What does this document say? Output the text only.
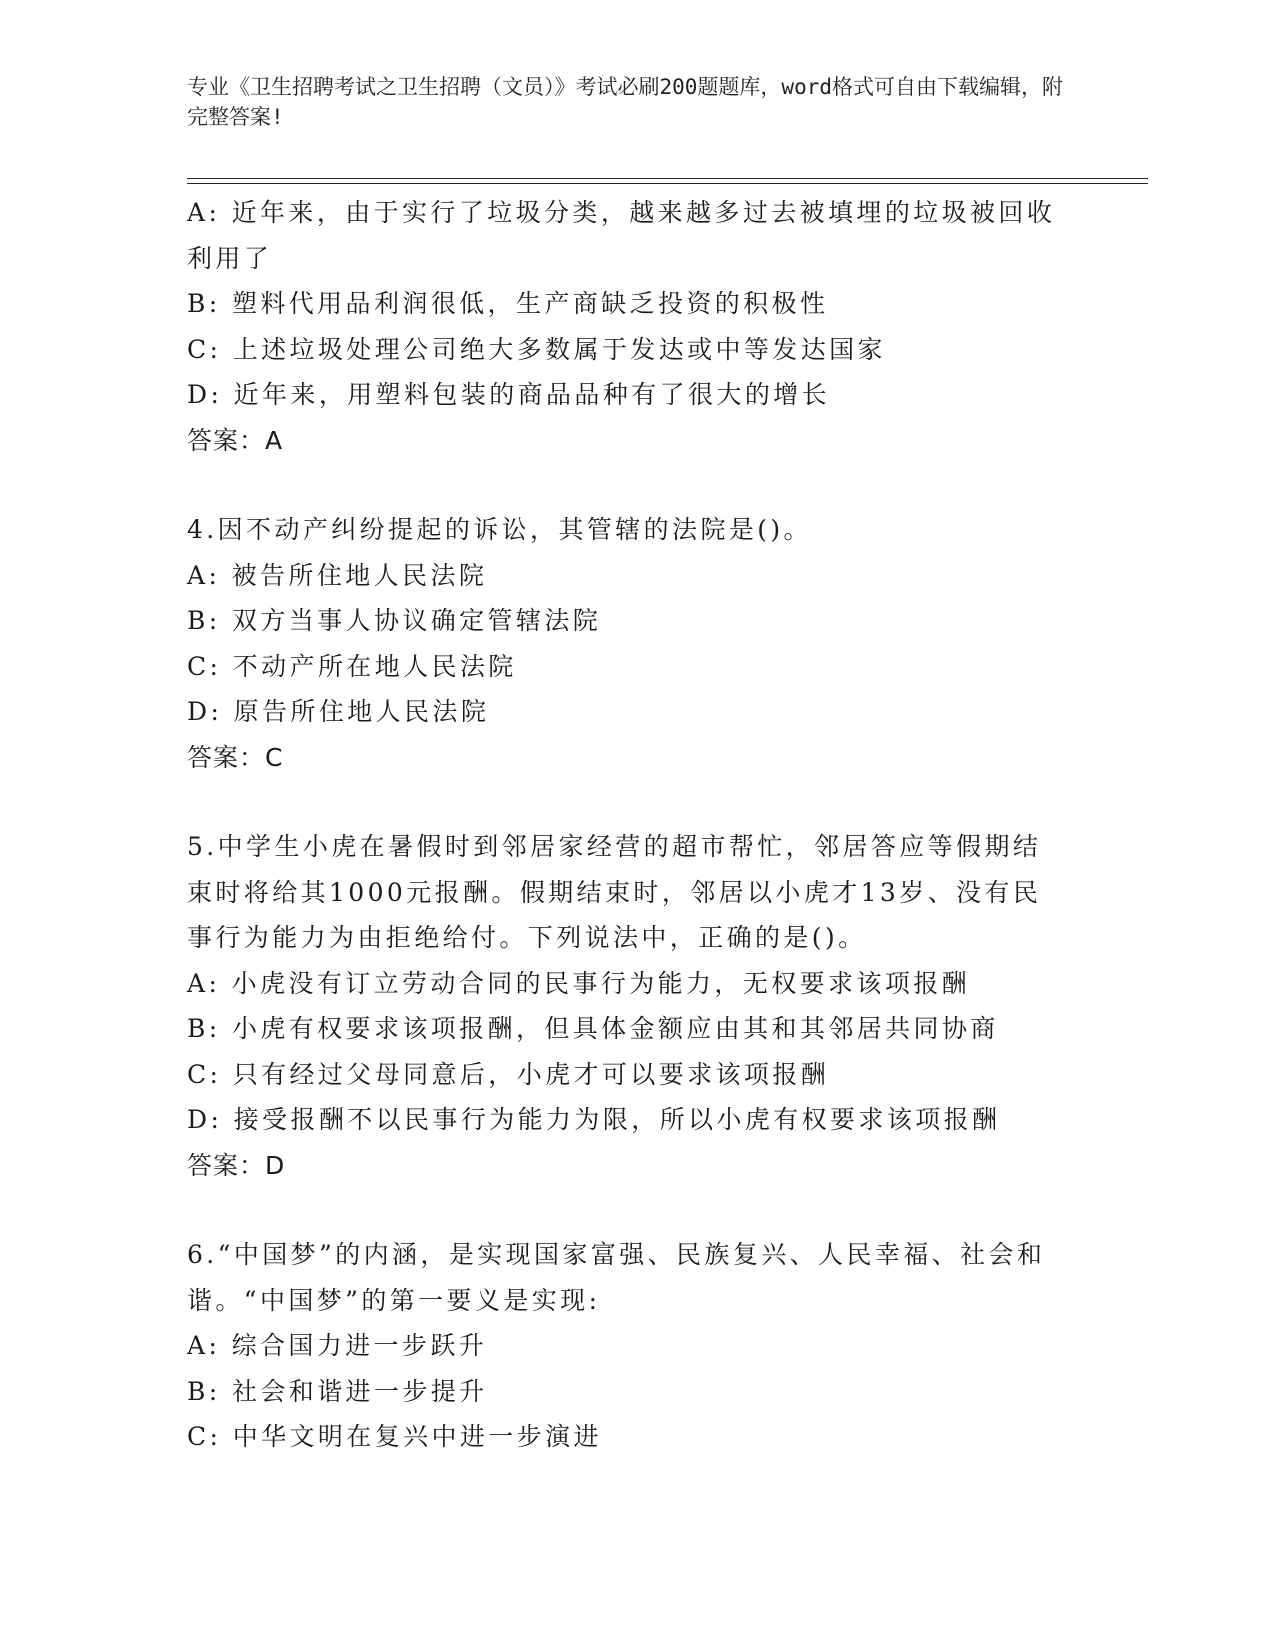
专业《卫生招聘考试之卫生招聘（文员）》考试必刷200题题库，word格式可自由下载编辑，附完整答案!
A: 近年来，由于实行了垃圾分类，越来越多过去被填埋的垃圾被回收利用了
B: 塑料代用品利润很低，生产商缺乏投资的积极性
C: 上述垃圾处理公司绝大多数属于发达或中等发达国家
D: 近年来，用塑料包装的商品品种有了很大的增长
答案：A
4.因不动产纠纷提起的诉讼，其管辖的法院是()。
A: 被告所住地人民法院
B: 双方当事人协议确定管辖法院
C: 不动产所在地人民法院
D: 原告所住地人民法院
答案：C
5.中学生小虎在暑假时到邻居家经营的超市帮忙，邻居答应等假期结束时将给其1000元报酬。假期结束时，邻居以小虎才13岁、没有民事行为能力为由拒绝给付。下列说法中，正确的是()。
A: 小虎没有订立劳动合同的民事行为能力，无权要求该项报酬
B: 小虎有权要求该项报酬，但具体金额应由其和其邻居共同协商
C: 只有经过父母同意后，小虎才可以要求该项报酬
D: 接受报酬不以民事行为能力为限，所以小虎有权要求该项报酬
答案：D
6.“中国梦”的内涵，是实现国家富强、民族复兴、人民幸福、社会和谐。“中国梦”的第一要义是实现:
A: 综合国力进一步跃升
B: 社会和谐进一步提升
C: 中华文明在复兴中进一步演进
